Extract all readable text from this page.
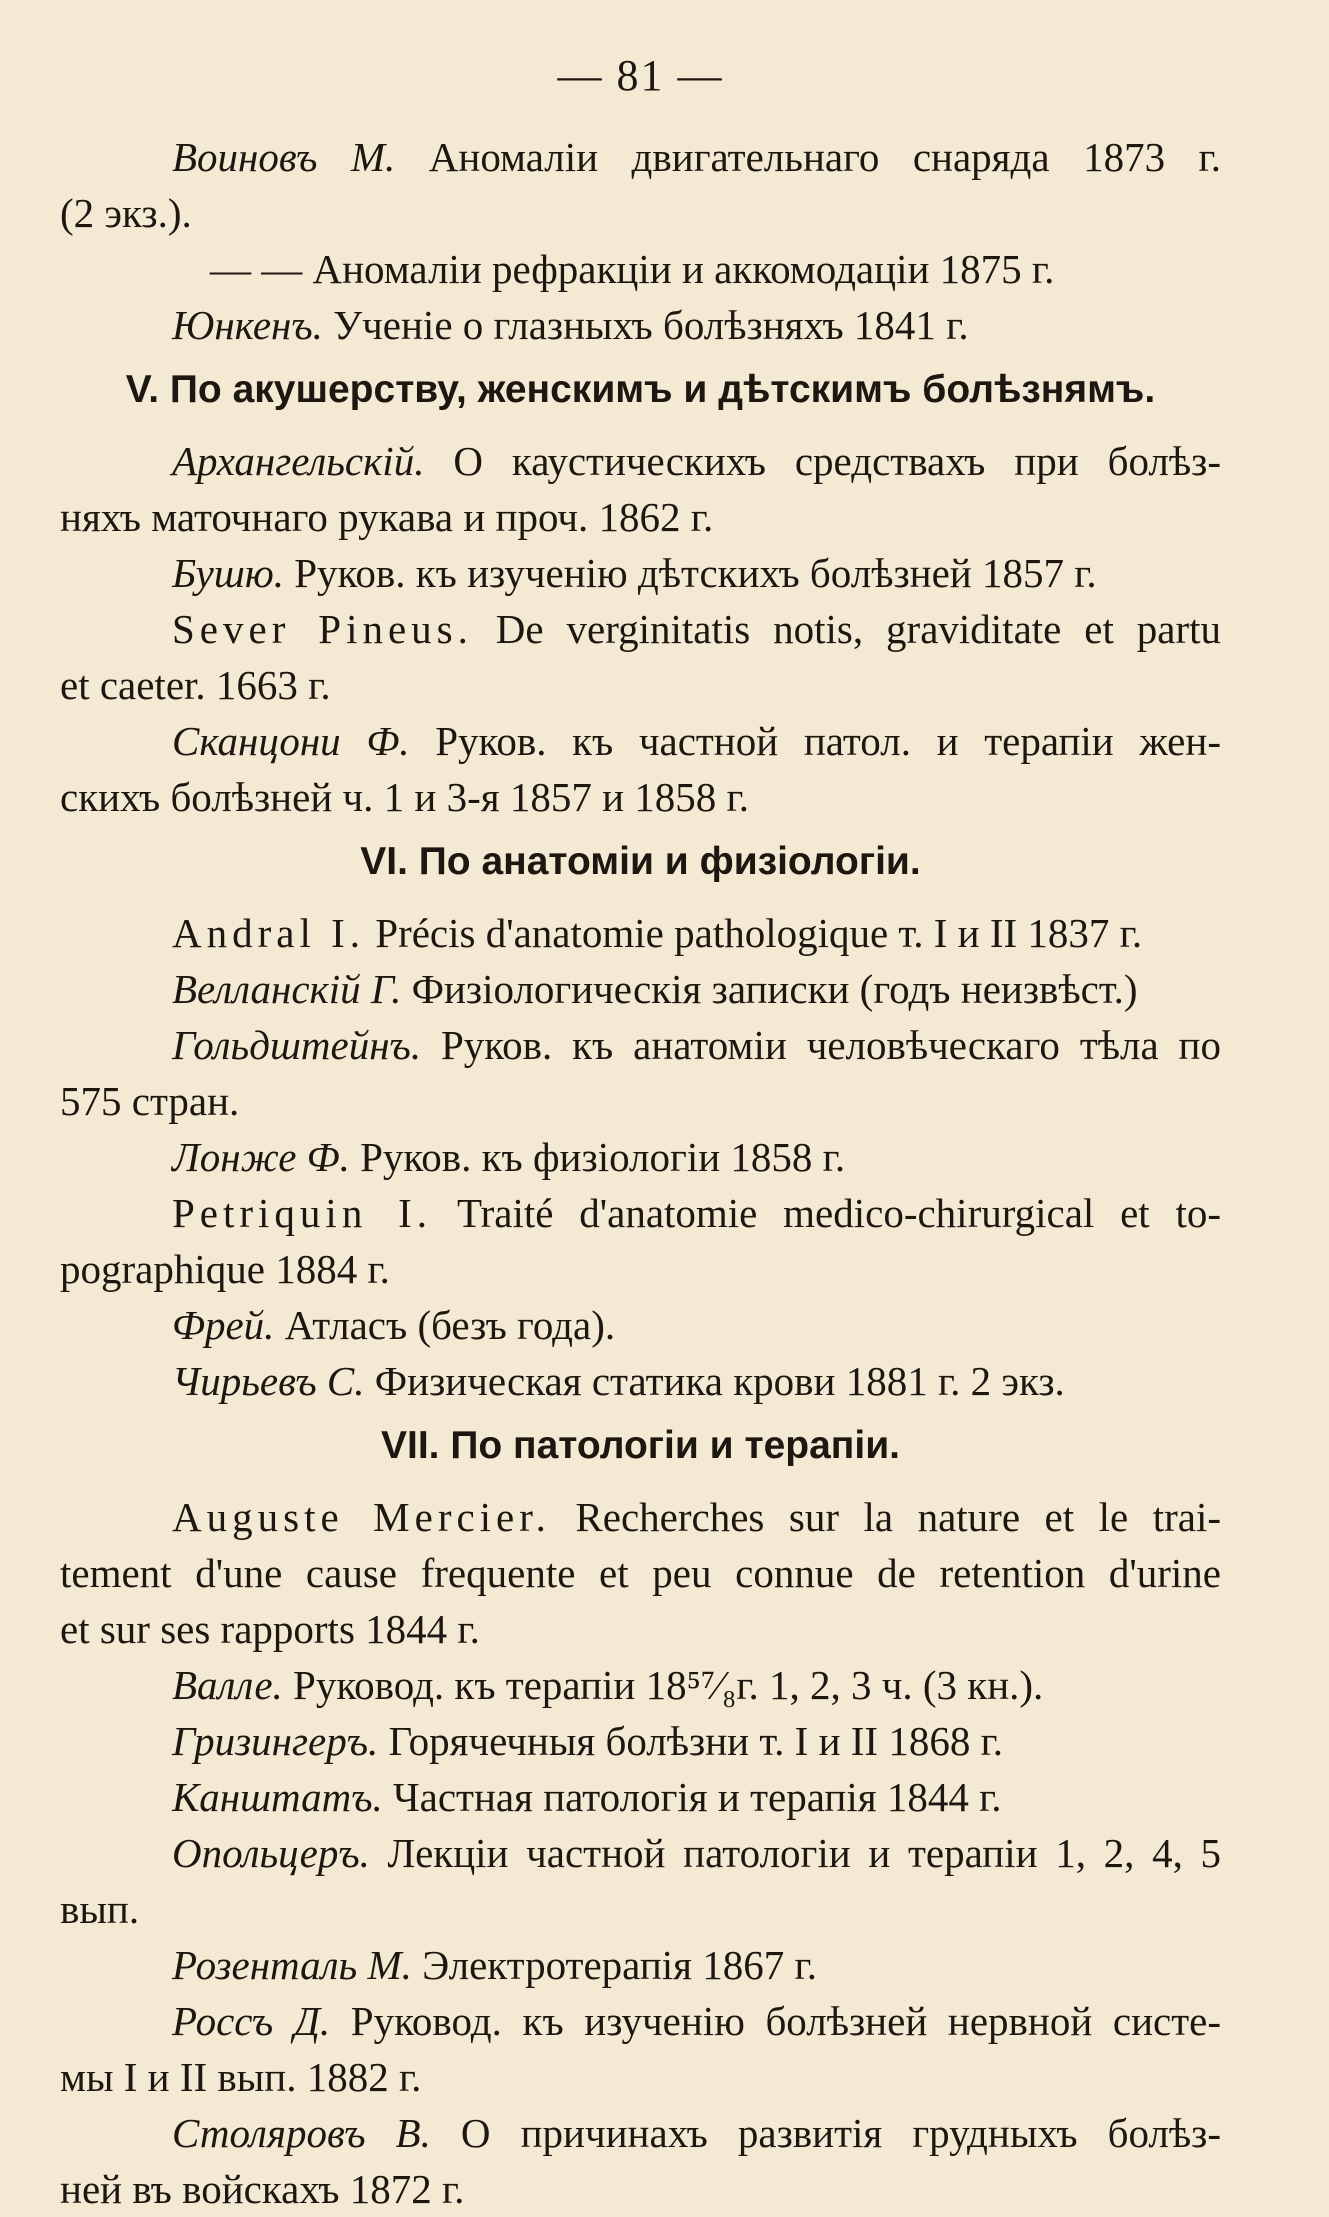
— 81 —
Воиновъ М. Аномаліи двигательнаго снаряда 1873 г.
(2 экз.).
— — Аномаліи рефракціи и аккомодаціи 1875 г.
Юнкенъ. Ученіе о глазныхъ болѣзняхъ 1841 г.
V. По акушерству, женскимъ и дѣтскимъ болѣзнямъ.
Архангельскій. О каустическихъ средствахъ при болѣз-
няхъ маточнаго рукава и проч. 1862 г.
Бушю. Руков. къ изученію дѣтскихъ болѣзней 1857 г.
Sever Pineus. De verginitatis notis, graviditate et partu
et caeter. 1663 г.
Сканцони Ф. Руков. къ частной патол. и терапіи жен-
скихъ болѣзней ч. 1 и 3-я 1857 и 1858 г.
VI. По анатоміи и физіологіи.
Andral I. Précis d'anatomie pathologique т. I и II 1837 г.
Велланскій Г. Физіологическія записки (годъ неизвѣст.)
Гольдштейнъ. Руков. къ анатоміи человѣческаго тѣла по
575 стран.
Лонже Ф. Руков. къ физіологіи 1858 г.
Petriquin I. Traité d'anatomie medico-chirurgical et to-
pographique 1884 г.
Фрей. Атласъ (безъ года).
Чирьевъ С. Физическая статика крови 1881 г. 2 экз.
VII. По патологіи и терапіи.
Auguste Mercier. Recherches sur la nature et le trai-
tement d'une cause frequente et peu connue de retention d'urine
et sur ses rapports 1844 г.
Валле. Руковод. къ терапіи 18⁵⁷⁄₈г. 1, 2, 3 ч. (3 кн.).
Гризингеръ. Горячечныя болѣзни т. I и II 1868 г.
Канштатъ. Частная патологія и терапія 1844 г.
Опольцеръ. Лекціи частной патологіи и терапіи 1, 2, 4, 5
вып.
Розенталь М. Электротерапія 1867 г.
Россъ Д. Руковод. къ изученію болѣзней нервной систе-
мы I и II вып. 1882 г.
Столяровъ В. О причинахъ развитія грудныхъ болѣз-
ней въ войскахъ 1872 г.
